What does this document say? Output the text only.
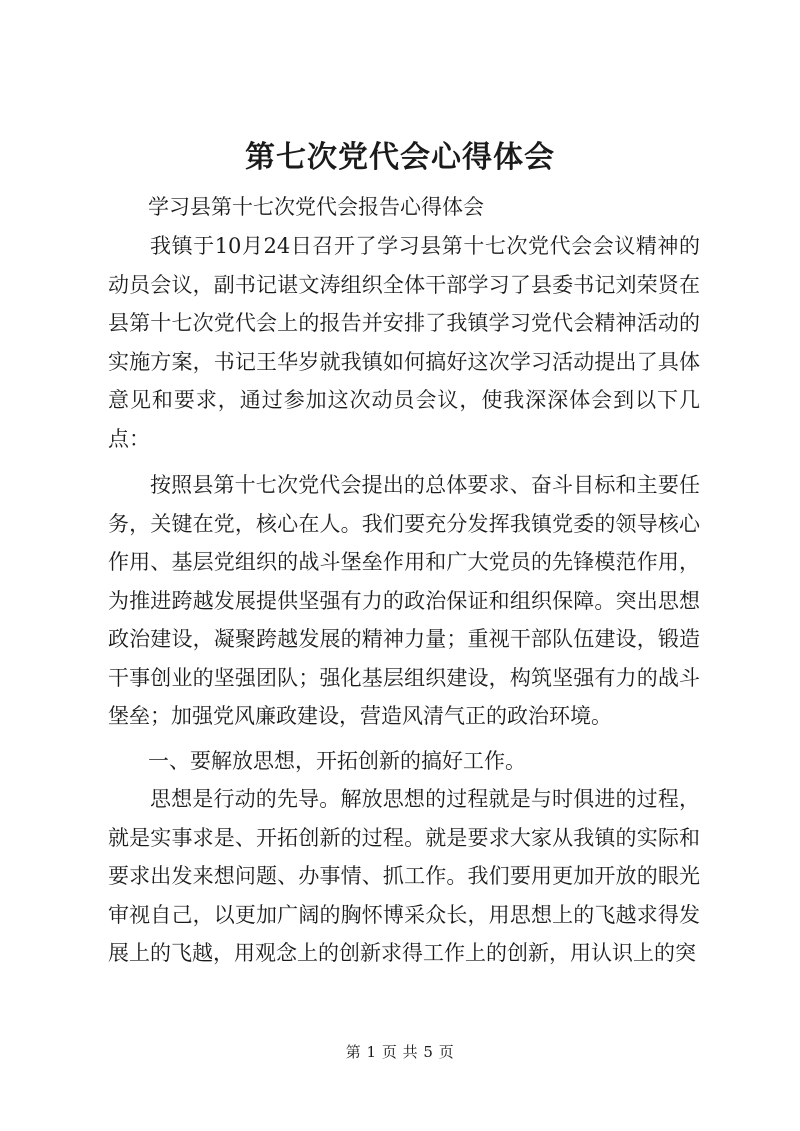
第七次党代会心得体会
学习县第十七次党代会报告心得体会

我镇于10月24日召开了学习县第十七次党代会会议精神的动员会议，副书记谌文涛组织全体干部学习了县委书记刘荣贤在县第十七次党代会上的报告并安排了我镇学习党代会精神活动的实施方案，书记王华岁就我镇如何搞好这次学习活动提出了具体意见和要求，通过参加这次动员会议，使我深深体会到以下几点：

按照县第十七次党代会提出的总体要求、奋斗目标和主要任务，关键在党，核心在人。我们要充分发挥我镇党委的领导核心作用、基层党组织的战斗堡垒作用和广大党员的先锋模范作用，为推进跨越发展提供坚强有力的政治保证和组织保障。突出思想政治建设，凝聚跨越发展的精神力量；重视干部队伍建设，锻造干事创业的坚强团队；强化基层组织建设，构筑坚强有力的战斗堡垒；加强党风廉政建设，营造风清气正的政治环境。

一、要解放思想，开拓创新的搞好工作。

思想是行动的先导。解放思想的过程就是与时俱进的过程，就是实事求是、开拓创新的过程。就是要求大家从我镇的实际和要求出发来想问题、办事情、抓工作。我们要用更加开放的眼光审视自己，以更加广阔的胸怀博采众长，用思想上的飞越求得发展上的飞越，用观念上的创新求得工作上的创新，用认识上的突

第 1 页 共 5 页
